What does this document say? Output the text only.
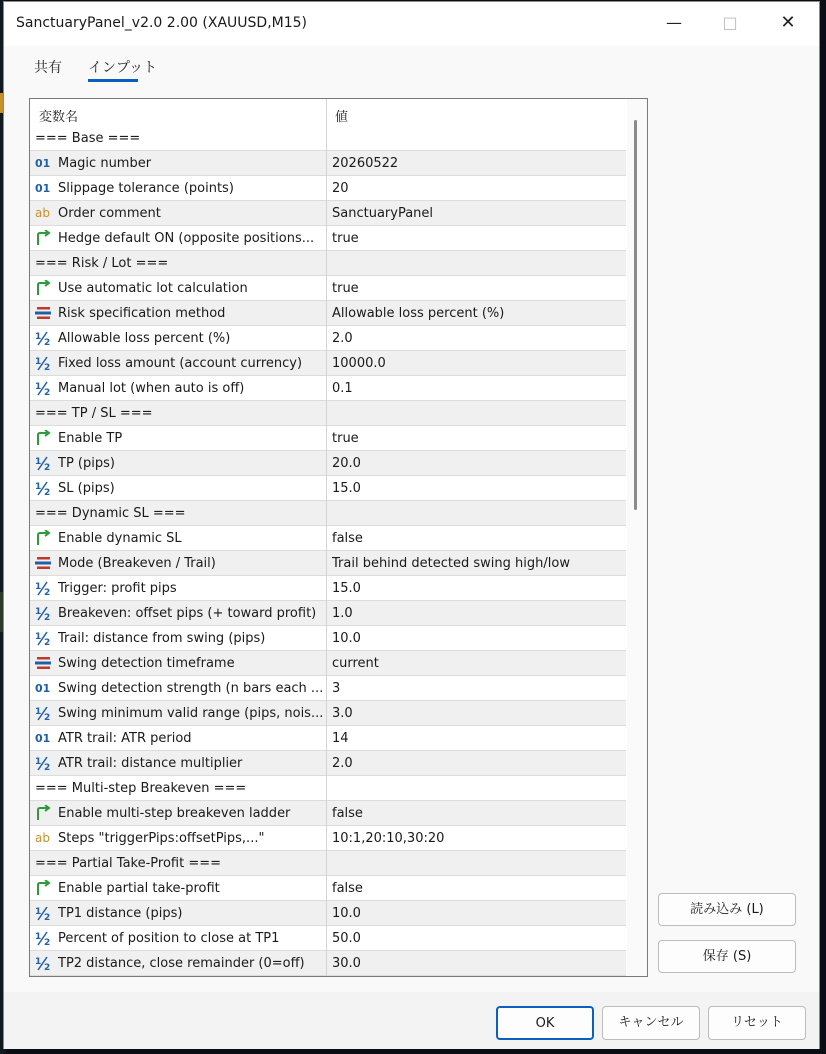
SanctuaryPanel_v2.0 2.00 (XAUUSD,M15)	—	□	✕
共有 インプット
変数名	値
=== Base ===
01 Magic number	20260522
01 Slippage tolerance (points)	20
ab Order comment	SanctuaryPanel
Hedge default ON (opposite positions...	true
=== Risk / Lot ===
Use automatic lot calculation	true
Risk specification method	Allowable loss percent (%)
1
2 Allowable loss percent (%)	2.0
1
2 Fixed loss amount (account currency)	10000.0
1
2 Manual lot (when auto is off)	0.1
=== TP / SL ===
Enable TP	true
1
2 TP (pips)	20.0
1
2 SL (pips)	15.0
=== Dynamic SL ===
Enable dynamic SL	false
Mode (Breakeven / Trail)	Trail behind detected swing high/low
1
2 Trigger: profit pips	15.0
1
2 Breakeven: offset pips (+ toward profit)	1.0
1
2 Trail: distance from swing (pips)	10.0
Swing detection timeframe	current
01 Swing detection strength (n bars each ... 3
1
2 Swing minimum valid range (pips, nois... 3.0
01 ATR trail: ATR period	14
1
2 ATR trail: distance multiplier	2.0
=== Multi-step Breakeven ===
Enable multi-step breakeven ladder	false
ab Steps "triggerPips:offsetPips,..."	10:1,20:10,30:20
=== Partial Take-Profit ===
Enable partial take-profit	false
1
2 TP1 distance (pips)	10.0
1
2 Percent of position to close at TP1	50.0
1
2 TP2 distance, close remainder (0=off)	30.0
読み込み (L)
保存 (S)
OK	キャンセル	リセット
